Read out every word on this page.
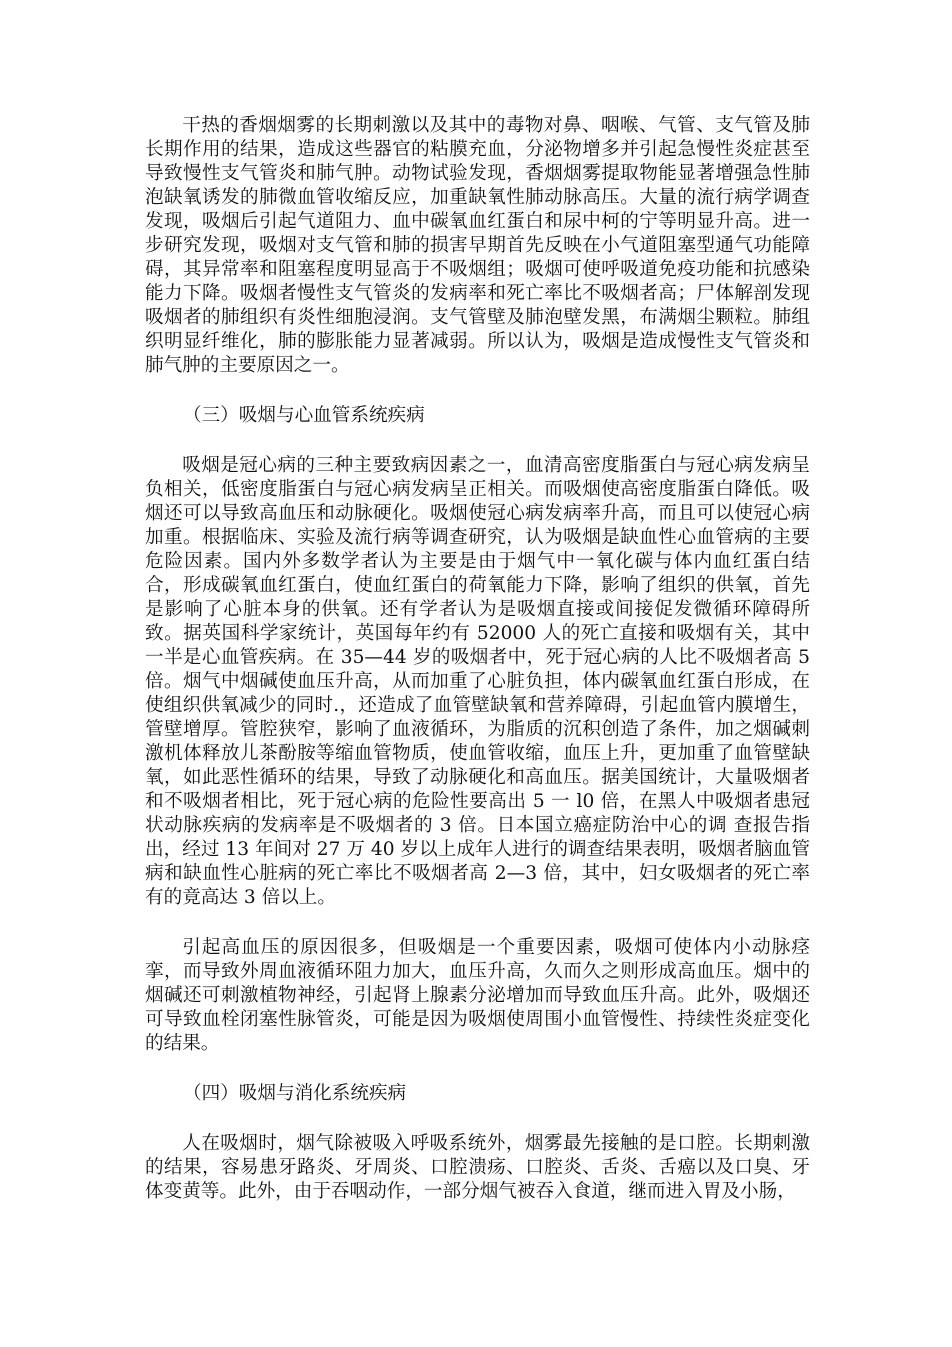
干热的香烟烟雾的长期刺激以及其中的毒物对鼻、咽喉、气管、支气管及肺长期作用的结果，造成这些器官的粘膜充血，分泌物增多并引起急慢性炎症甚至导致慢性支气管炎和肺气肿。动物试验发现，香烟烟雾提取物能显著增强急性肺泡缺氧诱发的肺微血管收缩反应，加重缺氧性肺动脉高压。大量的流行病学调查发现，吸烟后引起气道阻力、血中碳氧血红蛋白和尿中柯的宁等明显升高。进一步研究发现，吸烟对支气管和肺的损害早期首先反映在小气道阻塞型通气功能障碍，其异常率和阻塞程度明显高于不吸烟组；吸烟可使呼吸道免疫功能和抗感染能力下降。吸烟者慢性支气管炎的发病率和死亡率比不吸烟者高；尸体解剖发现吸烟者的肺组织有炎性细胞浸润。支气管壁及肺泡壁发黑，布满烟尘颗粒。肺组织明显纤维化，肺的膨胀能力显著减弱。所以认为，吸烟是造成慢性支气管炎和肺气肿的主要原因之一。

（三）吸烟与心血管系统疾病

吸烟是冠心病的三种主要致病因素之一，血清高密度脂蛋白与冠心病发病呈负相关，低密度脂蛋白与冠心病发病呈正相关。而吸烟使高密度脂蛋白降低。吸烟还可以导致高血压和动脉硬化。吸烟使冠心病发病率升高，而且可以使冠心病加重。根据临床、实验及流行病等调查研究，认为吸烟是缺血性心血管病的主要危险因素。国内外多数学者认为主要是由于烟气中一氧化碳与体内血红蛋白结合，形成碳氧血红蛋白，使血红蛋白的荷氧能力下降，影响了组织的供氧，首先是影响了心脏本身的供氧。还有学者认为是吸烟直接或间接促发微循环障碍所致。据英国科学家统计，英国每年约有 52000 人的死亡直接和吸烟有关，其中一半是心血管疾病。在 35—44 岁的吸烟者中，死于冠心病的人比不吸烟者高 5 倍。烟气中烟碱使血压升高，从而加重了心脏负担，体内碳氧血红蛋白形成，在使组织供氧减少的同时.，还造成了血管壁缺氧和营养障碍，引起血管内膜增生，管壁增厚。管腔狭窄，影响了血液循环，为脂质的沉积创造了条件，加之烟碱刺激机体释放儿茶酚胺等缩血管物质，使血管收缩，血压上升，更加重了血管壁缺氧，如此恶性循环的结果，导致了动脉硬化和高血压。据美国统计，大量吸烟者和不吸烟者相比，死于冠心病的危险性要高出 5 一 l0 倍，在黑人中吸烟者患冠状动脉疾病的发病率是不吸烟者的 3 倍。日本国立癌症防治中心的调 查报告指出，经过 13 年间对 27 万 40 岁以上成年人进行的调查结果表明，吸烟者脑血管病和缺血性心脏病的死亡率比不吸烟者高 2—3 倍，其中，妇女吸烟者的死亡率有的竟高达 3 倍以上。

引起高血压的原因很多，但吸烟是一个重要因素，吸烟可使体内小动脉痉挛，而导致外周血液循环阻力加大，血压升高，久而久之则形成高血压。烟中的烟碱还可刺激植物神经，引起肾上腺素分泌增加而导致血压升高。此外，吸烟还可导致血栓闭塞性脉管炎，可能是因为吸烟使周围小血管慢性、持续性炎症变化的结果。

（四）吸烟与消化系统疾病

人在吸烟时，烟气除被吸入呼吸系统外，烟雾最先接触的是口腔。长期刺激的结果，容易患牙路炎、牙周炎、口腔溃疡、口腔炎、舌炎、舌癌以及口臭、牙体变黄等。此外，由于吞咽动作，一部分烟气被吞入食道，继而进入胃及小肠，
